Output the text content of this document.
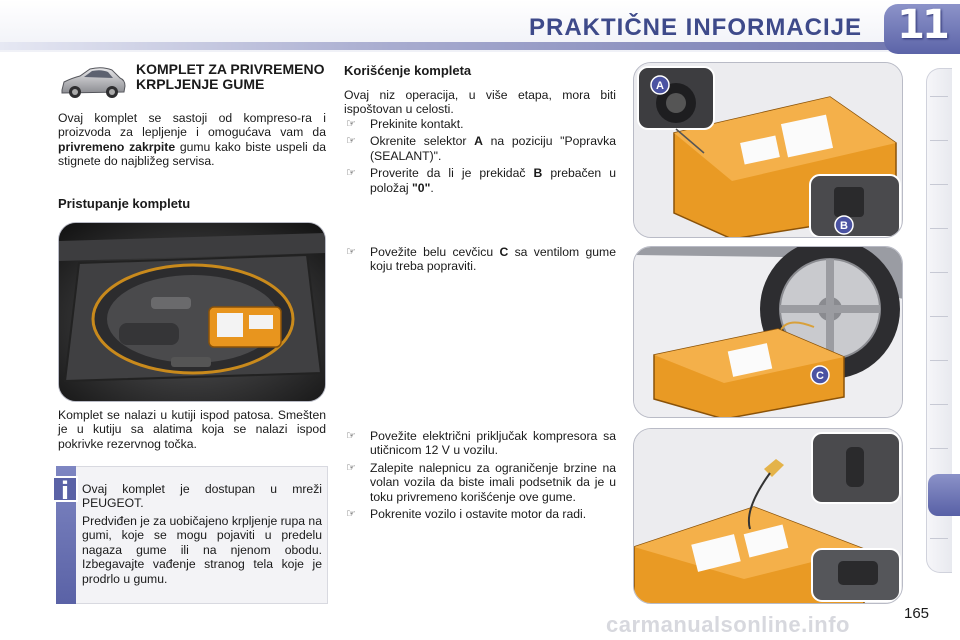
PRAKTIČNE INFORMACIJE 11
KOMPLET ZA PRIVREMENO KRPLJENJE GUME
Ovaj komplet se sastoji od kompreso-ra i proizvoda za lepljenje i omogućava vam da privremeno zakrpite gumu kako biste uspeli da stignete do najbližeg servisa.
Pristupanje kompletu
Komplet se nalazi u kutiji ispod patosa. Smešten je u kutiju sa alatima koja se nalazi ispod pokrivke rezervnog točka.
i	Ovaj komplet je dostupan u mreži PEUGEOT.
Predviđen je za uobičajeno krpljenje rupa na gumi, koje se mogu pojaviti u predelu nagaza gume ili na njenom obodu. Izbegavajte vađenje stranog tela koje je prodrlo u gumu.
Korišćenje kompleta
Ovaj niz operacija, u više etapa, mora biti ispoštovan u celosti.
☞ Prekinite kontakt.
☞ Okrenite selektor A na poziciju "Popravka (SEALANT)".
☞ Proverite da li je prekidač B prebačen u položaj "0".
☞ Povežite belu cevčicu C sa ventilom gume koju treba popraviti.
☞ Povežite električni priključak kompresora sa utičnicom 12 V u vozilu.
☞ Zalepite nalepnicu za ograničenje brzine na volan vozila da biste imali podsetnik da je u toku privremeno korišćenje ove gume.
☞ Pokrenite vozilo i ostavite motor da radi.
A
B
C
165
carmanualsonline.info
